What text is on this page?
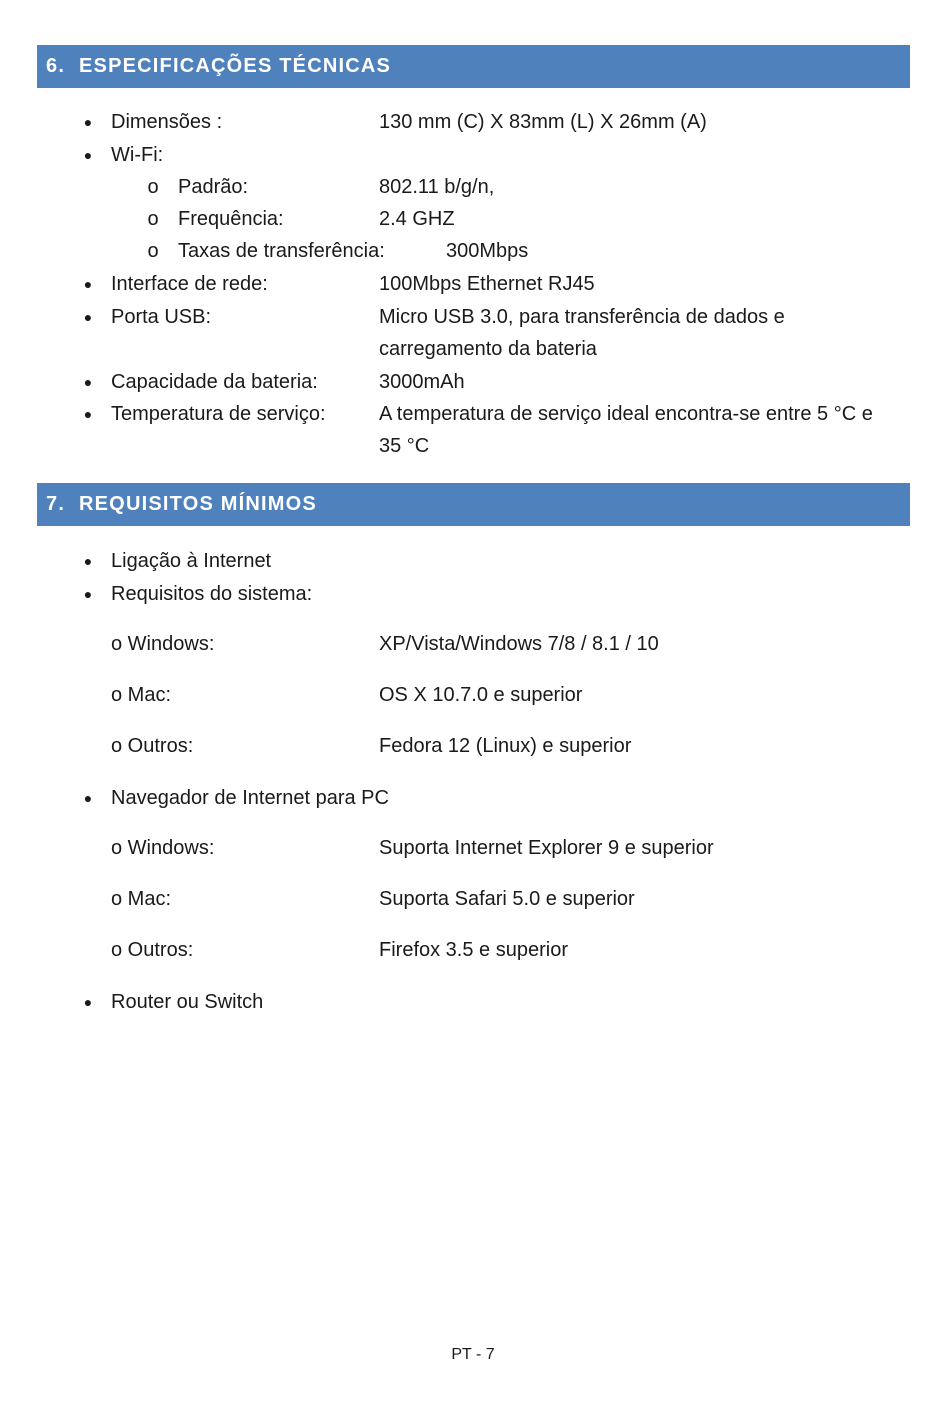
6. ESPECIFICAÇÕES TÉCNICAS
● Dimensões :	130 mm (C) X 83mm (L) X 26mm (A)
● Wi-Fi:
o Padrão:	802.11 b/g/n,
o Frequência:	2.4 GHZ
o Taxas de transferência:	300Mbps
● Interface de rede:	100Mbps Ethernet RJ45
● Porta USB:	Micro USB 3.0, para transferência de dados e
carregamento da bateria
● Capacidade da bateria:	3000mAh
● Temperatura de serviço:	A temperatura de serviço ideal encontra-se entre 5 °C e
35 °C
7. REQUISITOS MÍNIMOS
● Ligação à Internet
● Requisitos do sistema:
o Windows:	XP/Vista/Windows 7/8 / 8.1 / 10
o Mac:	OS X 10.7.0 e superior
o Outros:	Fedora 12 (Linux) e superior
● Navegador de Internet para PC
o Windows:	Suporta Internet Explorer 9 e superior
o Mac:	Suporta Safari 5.0 e superior
o Outros:	Firefox 3.5 e superior
● Router ou Switch
PT - 7
